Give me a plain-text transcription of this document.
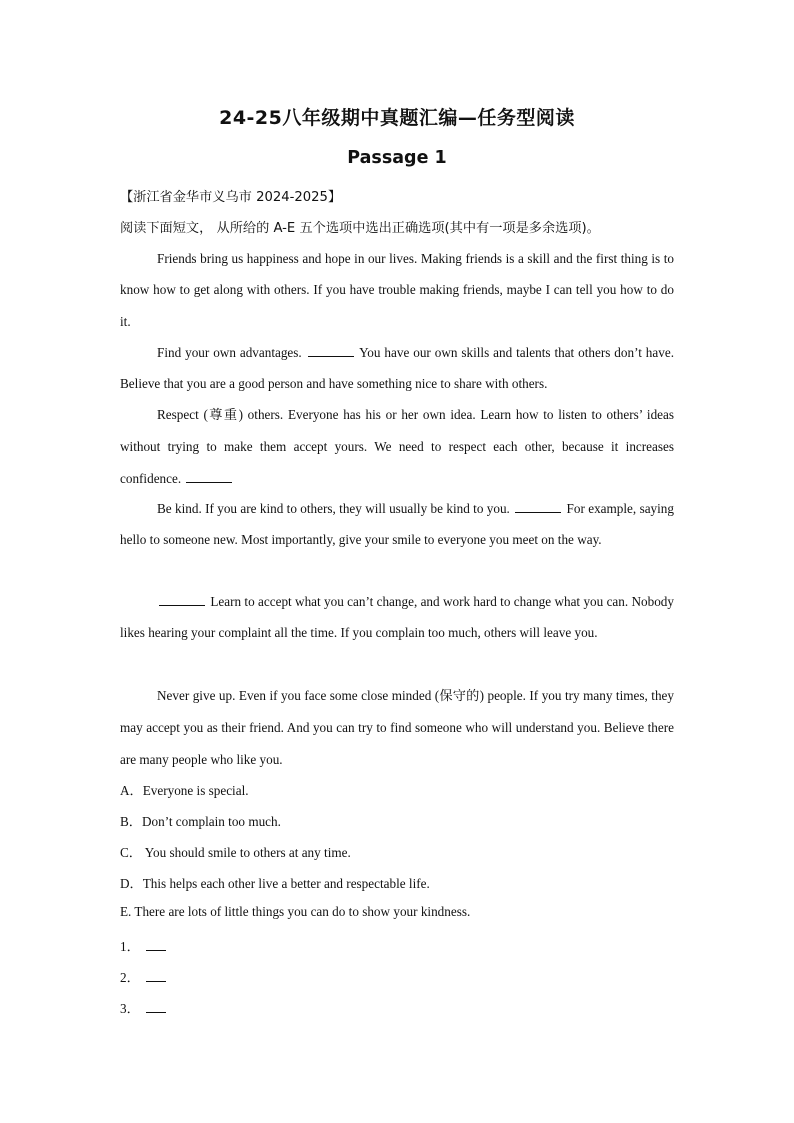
24-25八年级期中真题汇编—任务型阅读
Passage 1
【浙江省金华市义乌市 2024-2025】
阅读下面短文， 从所给的 A-E 五个选项中选出正确选项(其中有一项是多余选项)。
Friends bring us happiness and hope in our lives. Making friends is a skill and the first thing is to know how to get along with others. If you have trouble making friends, maybe I can tell you how to do it.
Find your own advantages.	You have our own skills and talents that others don’t have. Believe that you are a good person and have something nice to share with others.
Respect (尊重) others. Everyone has his or her own idea. Learn how to listen to others’ ideas without trying to make them accept yours. We need to respect each other, because it increases confidence.
Be kind. If you are kind to others, they will usually be kind to you.	For example, saying hello to someone new. Most importantly, give your smile to everyone you meet on the way.
Learn to accept what you can’t change, and work hard to change what you can. Nobody likes hearing your complaint all the time. If you complain too much, others will leave you.
Never give up. Even if you face some close minded (保守的) people. If you try many times, they may accept you as their friend. And you can try to find someone who will understand you. Believe there are many people who like you.
A．Everyone is special.
B．Don’t complain too much.
C． You should smile to others at any time.
D．This helps each other live a better and respectable life.
E. There are lots of little things you can do to show your kindness.
1．
2．
3．
